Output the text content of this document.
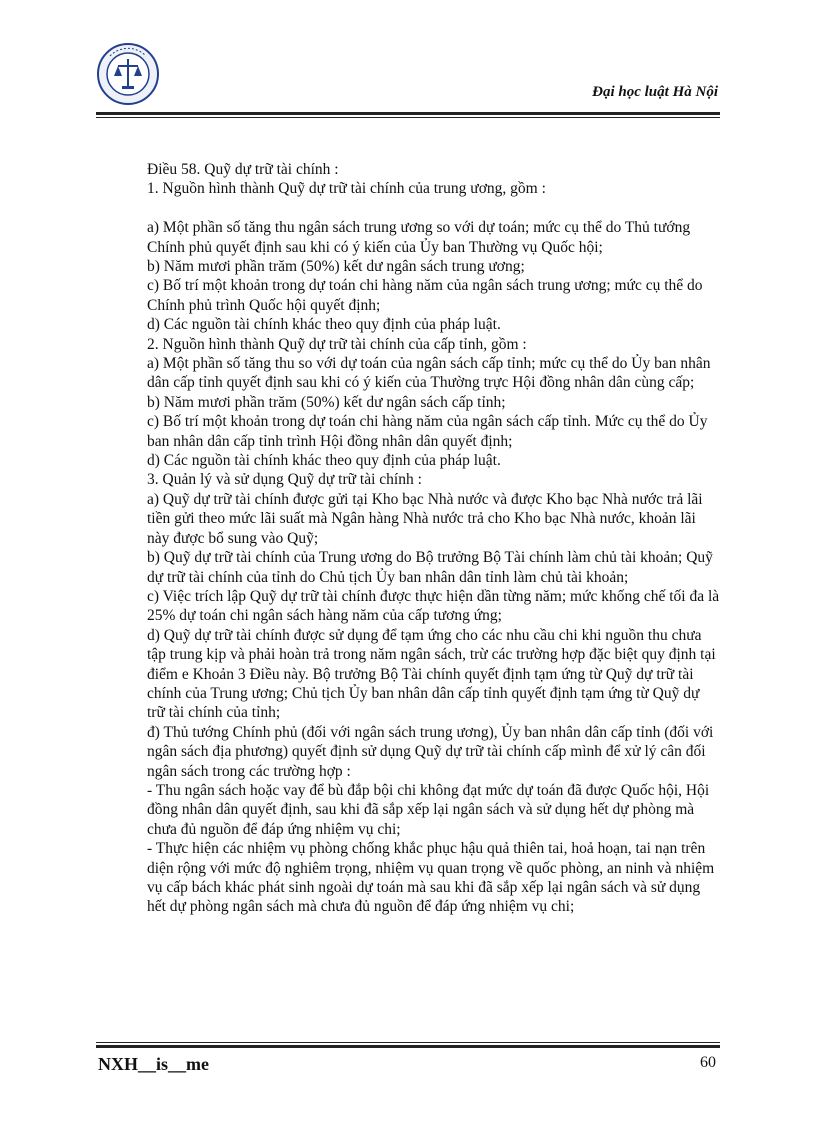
Đại học luật Hà Nội

Điều 58. Quỹ dự trữ tài chính :

1. Nguồn hình thành Quỹ dự trữ tài chính của trung ương, gồm :

a) Một phần số tăng thu ngân sách trung ương so với dự toán; mức cụ thể do Thủ tướng Chính phủ quyết định sau khi có ý kiến của Ủy ban Thường vụ Quốc hội;

b) Năm mươi phần trăm (50%) kết dư ngân sách trung ương;

c) Bố trí một khoản trong dự toán chi hàng năm của ngân sách trung ương; mức cụ thể do Chính phủ trình Quốc hội quyết định;

d) Các nguồn tài chính khác theo quy định của pháp luật.

2. Nguồn hình thành Quỹ dự trữ tài chính của cấp tỉnh, gồm :

a) Một phần số tăng thu so với dự toán của ngân sách cấp tỉnh; mức cụ thể do Ủy ban nhân dân cấp tỉnh quyết định sau khi có ý kiến của Thường trực Hội đồng nhân dân cùng cấp;

b) Năm mươi phần trăm (50%) kết dư ngân sách cấp tỉnh;

c) Bố trí một khoản trong dự toán chi hàng năm của ngân sách cấp tỉnh. Mức cụ thể do Ủy ban nhân dân cấp tỉnh trình Hội đồng nhân dân quyết định;

d) Các nguồn tài chính khác theo quy định của pháp luật.

3. Quản lý và sử dụng Quỹ dự trữ tài chính :

a) Quỹ dự trữ tài chính được gửi tại Kho bạc Nhà nước và được Kho bạc Nhà nước trả lãi tiền gửi theo mức lãi suất mà Ngân hàng Nhà nước trả cho Kho bạc Nhà nước, khoản lãi này được bổ sung vào Quỹ;

b) Quỹ dự trữ tài chính của Trung ương do Bộ trưởng Bộ Tài chính làm chủ tài khoản; Quỹ dự trữ tài chính của tỉnh do Chủ tịch Ủy ban nhân dân tỉnh làm chủ tài khoản;

c) Việc trích lập Quỹ dự trữ tài chính được thực hiện dần từng năm; mức khống chế tối đa là 25% dự toán chi ngân sách hàng năm của cấp tương ứng;

d) Quỹ dự trữ tài chính được sử dụng để tạm ứng cho các nhu cầu chi khi nguồn thu chưa tập trung kịp và phải hoàn trả trong năm ngân sách, trừ các trường hợp đặc biệt quy định tại điểm e Khoản 3 Điều này. Bộ trưởng Bộ Tài chính quyết định tạm ứng từ Quỹ dự trữ tài chính của Trung ương; Chủ tịch Ủy ban nhân dân cấp tỉnh quyết định tạm ứng từ Quỹ dự trữ tài chính của tỉnh;

đ) Thủ tướng Chính phủ (đối với ngân sách trung ương), Ủy ban nhân dân cấp tỉnh (đối với ngân sách địa phương) quyết định sử dụng Quỹ dự trữ tài chính cấp mình để xử lý cân đối ngân sách trong các trường hợp :

- Thu ngân sách hoặc vay để bù đắp bội chi không đạt mức dự toán đã được Quốc hội, Hội đồng nhân dân quyết định, sau khi đã sắp xếp lại ngân sách và sử dụng hết dự phòng mà chưa đủ nguồn để đáp ứng nhiệm vụ chi;

- Thực hiện các nhiệm vụ phòng chống khắc phục hậu quả thiên tai, hoả hoạn, tai nạn trên diện rộng với mức độ nghiêm trọng, nhiệm vụ quan trọng về quốc phòng, an ninh và nhiệm vụ cấp bách khác phát sinh ngoài dự toán mà sau khi đã sắp xếp lại ngân sách và sử dụng hết dự phòng ngân sách mà chưa đủ nguồn để đáp ứng nhiệm vụ chi;

NXH__is__me	60
